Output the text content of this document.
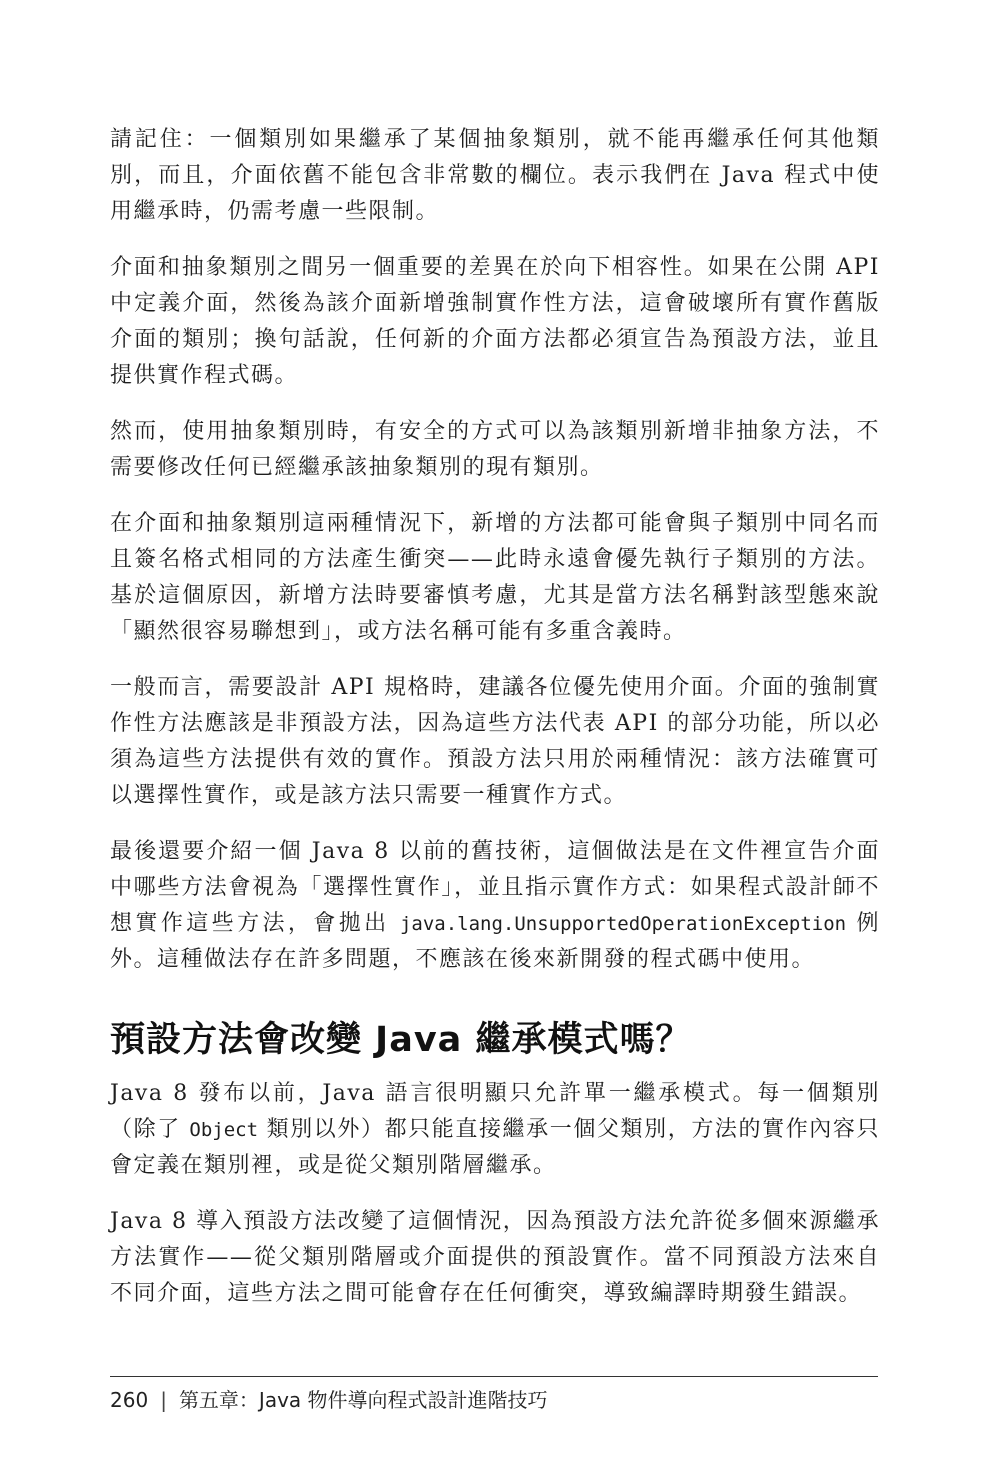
請記住：一個類別如果繼承了某個抽象類別，就不能再繼承任何其他類別，而且，介面依舊不能包含非常數的欄位。表示我們在 Java 程式中使用繼承時，仍需考慮一些限制。

介面和抽象類別之間另一個重要的差異在於向下相容性。如果在公開 API 中定義介面，然後為該介面新增強制實作性方法，這會破壞所有實作舊版介面的類別；換句話說，任何新的介面方法都必須宣告為預設方法，並且提供實作程式碼。

然而，使用抽象類別時，有安全的方式可以為該類別新增非抽象方法，不需要修改任何已經繼承該抽象類別的現有類別。

在介面和抽象類別這兩種情況下，新增的方法都可能會與子類別中同名而且簽名格式相同的方法產生衝突——此時永遠會優先執行子類別的方法。基於這個原因，新增方法時要審慎考慮，尤其是當方法名稱對該型態來說「顯然很容易聯想到」，或方法名稱可能有多重含義時。

一般而言，需要設計 API 規格時，建議各位優先使用介面。介面的強制實作性方法應該是非預設方法，因為這些方法代表 API 的部分功能，所以必須為這些方法提供有效的實作。預設方法只用於兩種情況：該方法確實可以選擇性實作，或是該方法只需要一種實作方式。

最後還要介紹一個 Java 8 以前的舊技術，這個做法是在文件裡宣告介面中哪些方法會視為「選擇性實作」，並且指示實作方式：如果程式設計師不想實作這些方法，會拋出 java.lang.UnsupportedOperationException 例外。這種做法存在許多問題，不應該在後來新開發的程式碼中使用。

預設方法會改變 Java 繼承模式嗎？

Java 8 發布以前，Java 語言很明顯只允許單一繼承模式。每一個類別（除了 Object 類別以外）都只能直接繼承一個父類別，方法的實作內容只會定義在類別裡，或是從父類別階層繼承。

Java 8 導入預設方法改變了這個情況，因為預設方法允許從多個來源繼承方法實作——從父類別階層或介面提供的預設實作。當不同預設方法來自不同介面，這些方法之間可能會存在任何衝突，導致編譯時期發生錯誤。

260 | 第五章：Java 物件導向程式設計進階技巧
